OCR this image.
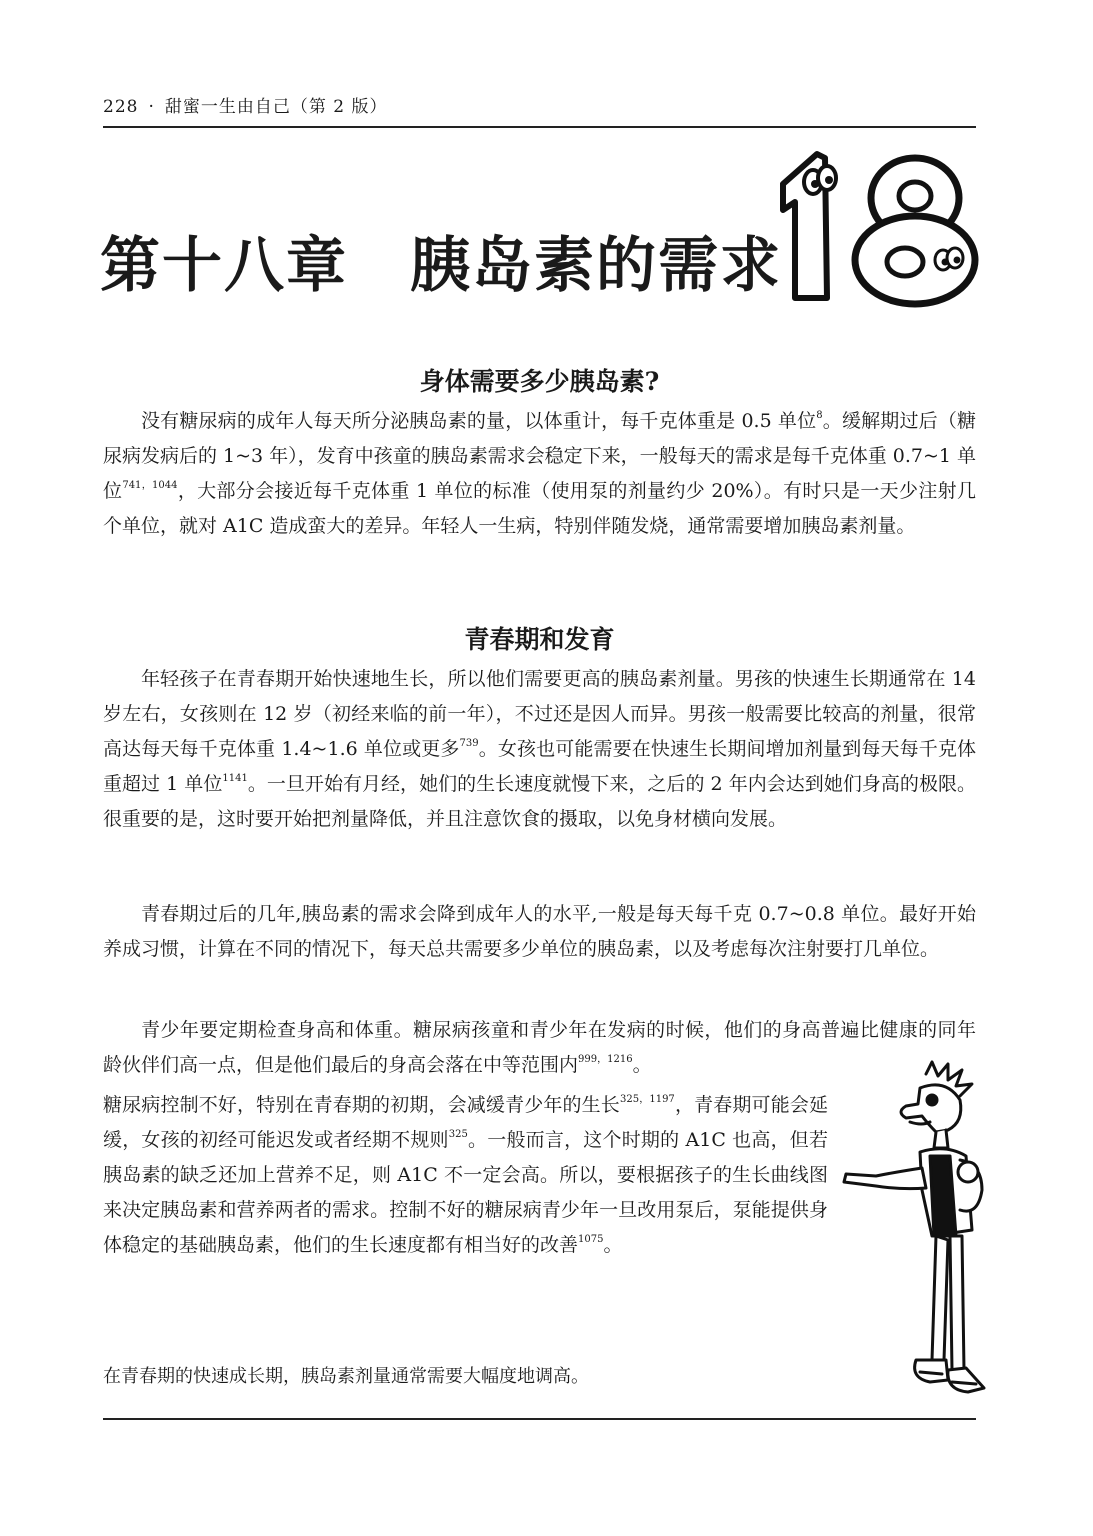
228 · 甜蜜一生由自己（第 2 版）
第十八章　胰岛素的需求
身体需要多少胰岛素?
没有糖尿病的成年人每天所分泌胰岛素的量，以体重计，每千克体重是 0.5 单位$^8$。缓解期过后（糖尿病发病后的 1~3 年），发育中孩童的胰岛素需求会稳定下来，一般每天的需求是每千克体重 0.7~1 单位$^{741,1044}$，大部分会接近每千克体重 1 单位的标准（使用泵的剂量约少 20%）。有时只是一天少注射几个单位，就对 A1C 造成蛮大的差异。年轻人一生病，特别伴随发烧，通常需要增加胰岛素剂量。
青春期和发育
年轻孩子在青春期开始快速地生长，所以他们需要更高的胰岛素剂量。男孩的快速生长期通常在 14 岁左右，女孩则在 12 岁（初经来临的前一年），不过还是因人而异。男孩一般需要比较高的剂量，很常高达每天每千克体重 1.4~1.6 单位或更多$^{739}$。女孩也可能需要在快速生长期间增加剂量到每天每千克体重超过 1 单位$^{1141}$。一旦开始有月经，她们的生长速度就慢下来，之后的 2 年内会达到她们身高的极限。很重要的是，这时要开始把剂量降低，并且注意饮食的摄取，以免身材横向发展。
青春期过后的几年,胰岛素的需求会降到成年人的水平,一般是每天每千克 0.7~0.8 单位。最好开始养成习惯，计算在不同的情况下，每天总共需要多少单位的胰岛素，以及考虑每次注射要打几单位。
青少年要定期检查身高和体重。糖尿病孩童和青少年在发病的时候，他们的身高普遍比健康的同年龄伙伴们高一点，但是他们最后的身高会落在中等范围内$^{999,1216}$。
糖尿病控制不好，特别在青春期的初期，会减缓青少年的生长$^{325,1197}$，青春期可能会延缓，女孩的初经可能迟发或者经期不规则$^{325}$。一般而言，这个时期的 A1C 也高，但若胰岛素的缺乏还加上营养不足，则 A1C 不一定会高。所以，要根据孩子的生长曲线图来决定胰岛素和营养两者的需求。控制不好的糖尿病青少年一旦改用泵后，泵能提供身体稳定的基础胰岛素，他们的生长速度都有相当好的改善$^{1075}$。
在青春期的快速成长期，胰岛素剂量通常需要大幅度地调高。
